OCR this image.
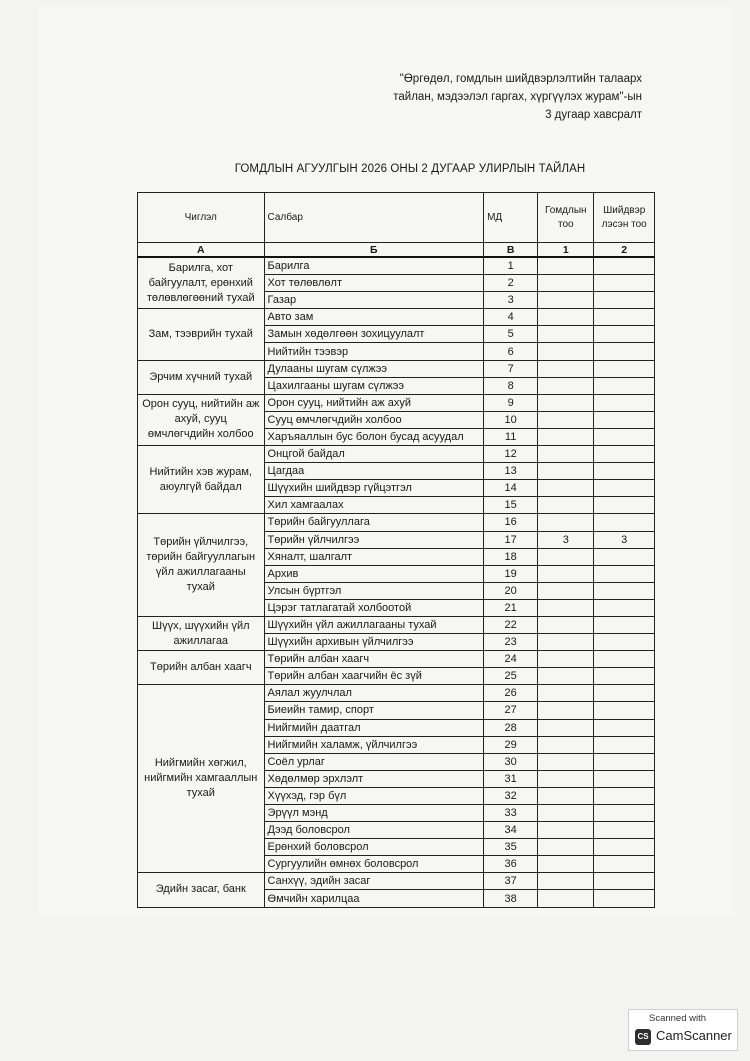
"Өргөдөл, гомдлын шийдвэрлэлтийн талаарх
тайлан, мэдээлэл гаргах, хүргүүлэх журам"-ын
3 дугаар хавсралт
ГОМДЛЫН АГУУЛГЫН 2026 ОНЫ 2 ДУГААР УЛИРЛЫН ТАЙЛАН
Чиглэл	Салбар	МД	Гомдлын тоо	Шийдвэр лэсэн тоо
А	Б	В	1	2
Барилга, хот байгуулалт, ерөнхий төлөвлөгөөний тухай	Барилга	1		
	Хот төлөвлөлт	2		
	Газар	3		
Зам, тээврийн тухай	Авто зам	4		
	Замын хөдөлгөөн зохицуулалт	5		
	Нийтийн тээвэр	6		
Эрчим хүчний тухай	Дулааны шугам сүлжээ	7		
	Цахилгааны шугам сүлжээ	8		
Орон сууц, нийтийн аж ахуй, сууц өмчлөгчдийн холбоо	Орон сууц, нийтийн аж ахуй	9		
	Сууц өмчлөгчдийн холбоо	10		
	Харъяаллын бус болон бусад асуудал	11		
Нийтийн хэв журам, аюулгүй байдал	Онцгой байдал	12		
	Цагдаа	13		
	Шүүхийн шийдвэр гүйцэтгэл	14		
	Хил хамгаалах	15		
Төрийн үйлчилгээ, төрийн байгууллагын үйл ажиллагааны тухай	Төрийн байгууллага	16		
	Төрийн үйлчилгээ	17	3	3
	Хяналт, шалгалт	18		
	Архив	19		
	Улсын бүртгэл	20		
	Цэрэг татлагатай холбоотой	21		
Шүүх, шүүхийн үйл ажиллагаа	Шүүхийн үйл ажиллагааны тухай	22		
	Шүүхийн архивын үйлчилгээ	23		
Төрийн албан хаагч	Төрийн албан хаагч	24		
	Төрийн албан хаагчийн ёс зүй	25		
Нийгмийн хөгжил, нийгмийн хамгааллын тухай	Аялал жуулчлал	26		
	Биеийн тамир, спорт	27		
	Нийгмийн даатгал	28		
	Нийгмийн халамж, үйлчилгээ	29		
	Соёл урлаг	30		
	Хөдөлмөр эрхлэлт	31		
	Хүүхэд, гэр бүл	32		
	Эрүүл мэнд	33		
	Дээд боловсрол	34		
	Ерөнхий боловсрол	35		
	Сургуулийн өмнөх боловсрол	36		
Эдийн засаг, банк	Санхүү, эдийн засаг	37		
	Өмчийн харилцаа	38		
Scanned with
CS CamScanner
